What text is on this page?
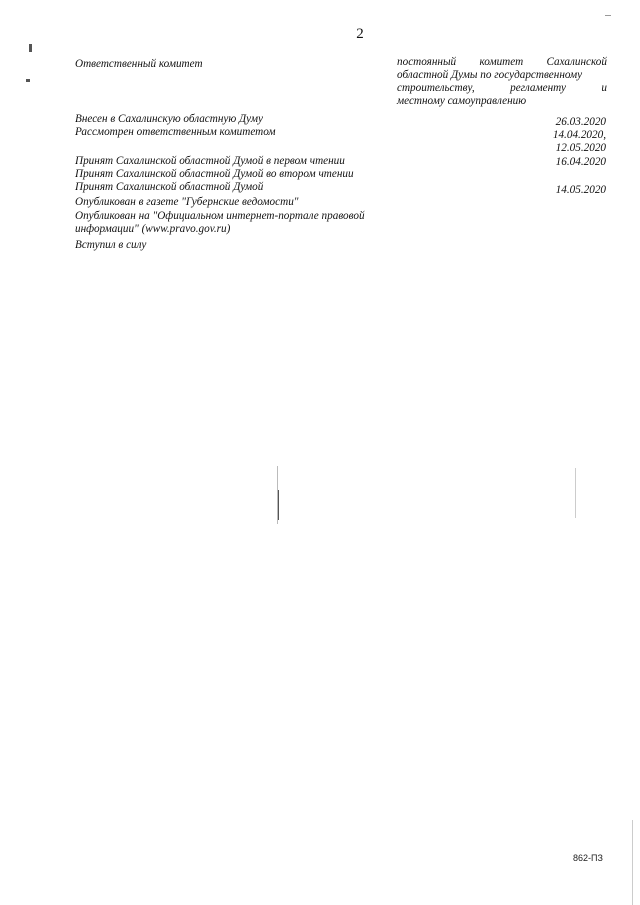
2
Ответственный комитет	постоянный комитет Сахалинской
областной Думы по государственному
строительству,	регламенту	и
местному самоуправлению
Внесен в Сахалинскую областную Думу	26.03.2020
Рассмотрен ответственным комитетом	14.04.2020,
12.05.2020
Принят Сахалинской областной Думой в первом чтении	16.04.2020
Принят Сахалинской областной Думой во втором чтении
Принят Сахалинской областной Думой	14.05.2020
Опубликован в газете "Губернские ведомости"
Опубликован на "Официальном интернет-портале правовой информации" (www.pravo.gov.ru)
Вступил в силу
862-ПЗ
